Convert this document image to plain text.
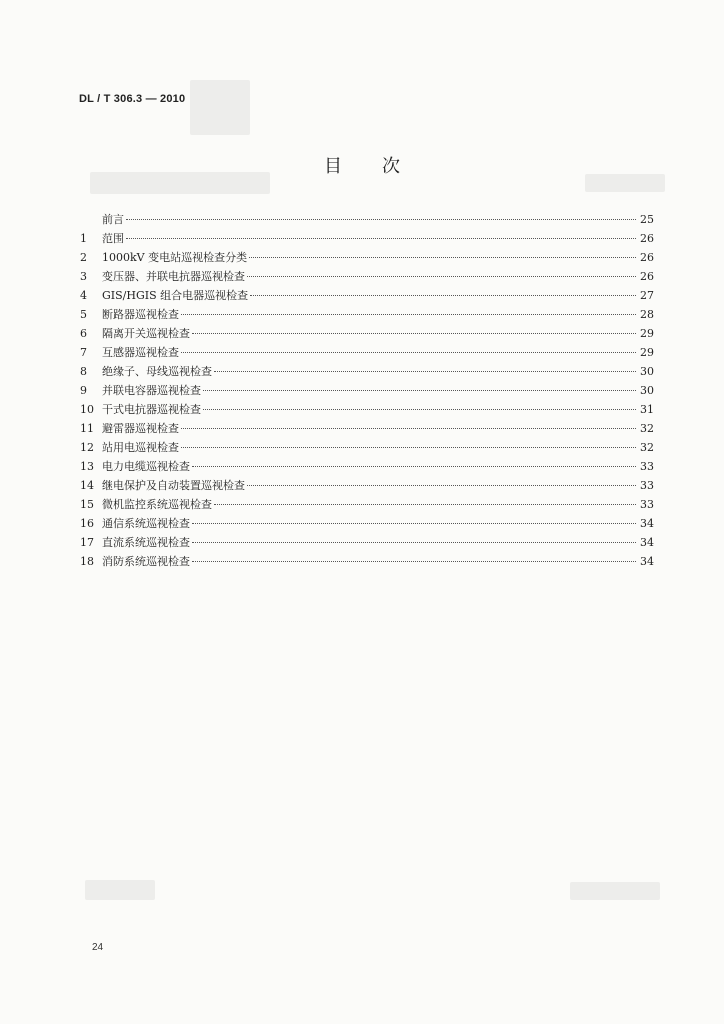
DL / T 306.3 — 2010
目次
前言	25
1	范围	26
2	1000kV 变电站巡视检查分类	26
3	变压器、并联电抗器巡视检查	26
4	GIS/HGIS 组合电器巡视检查	27
5	断路器巡视检查	28
6	隔离开关巡视检查	29
7	互感器巡视检查	29
8	绝缘子、母线巡视检查	30
9	并联电容器巡视检查	30
10 干式电抗器巡视检查	31
11 避雷器巡视检查	32
12 站用电巡视检查	32
13 电力电缆巡视检查	33
14 继电保护及自动装置巡视检查	33
15 微机监控系统巡视检查	33
16 通信系统巡视检查	34
17 直流系统巡视检查	34
18 消防系统巡视检查	34
24
